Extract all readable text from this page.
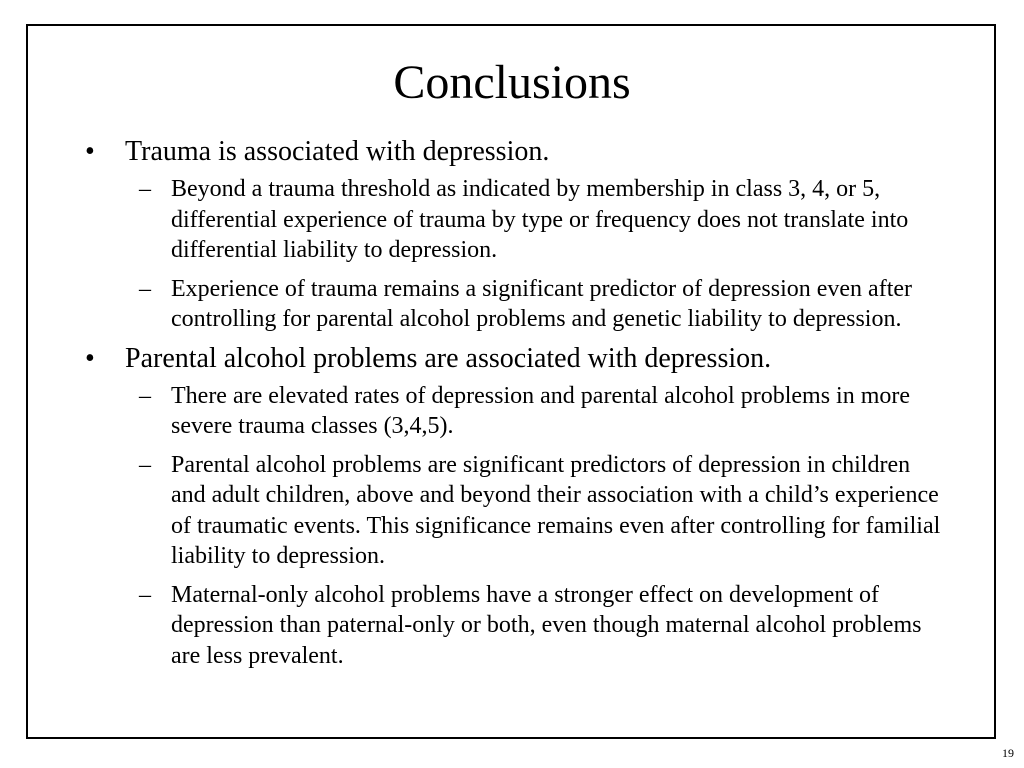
Conclusions
• Trauma is associated with depression.
– Beyond a trauma threshold as indicated by membership in class 3, 4, or 5, differential experience of trauma by type or frequency does not translate into differential liability to depression.
– Experience of trauma remains a significant predictor of depression even after controlling for parental alcohol problems and genetic liability to depression.
• Parental alcohol problems are associated with depression.
– There are elevated rates of depression and parental alcohol problems in more severe trauma classes (3,4,5).
– Parental alcohol problems are significant predictors of depression in children and adult children, above and beyond their association with a child’s experience of traumatic events. This significance remains even after controlling for familial liability to depression.
– Maternal-only alcohol problems have a stronger effect on development of depression than paternal-only or both, even though maternal alcohol problems are less prevalent.
19
